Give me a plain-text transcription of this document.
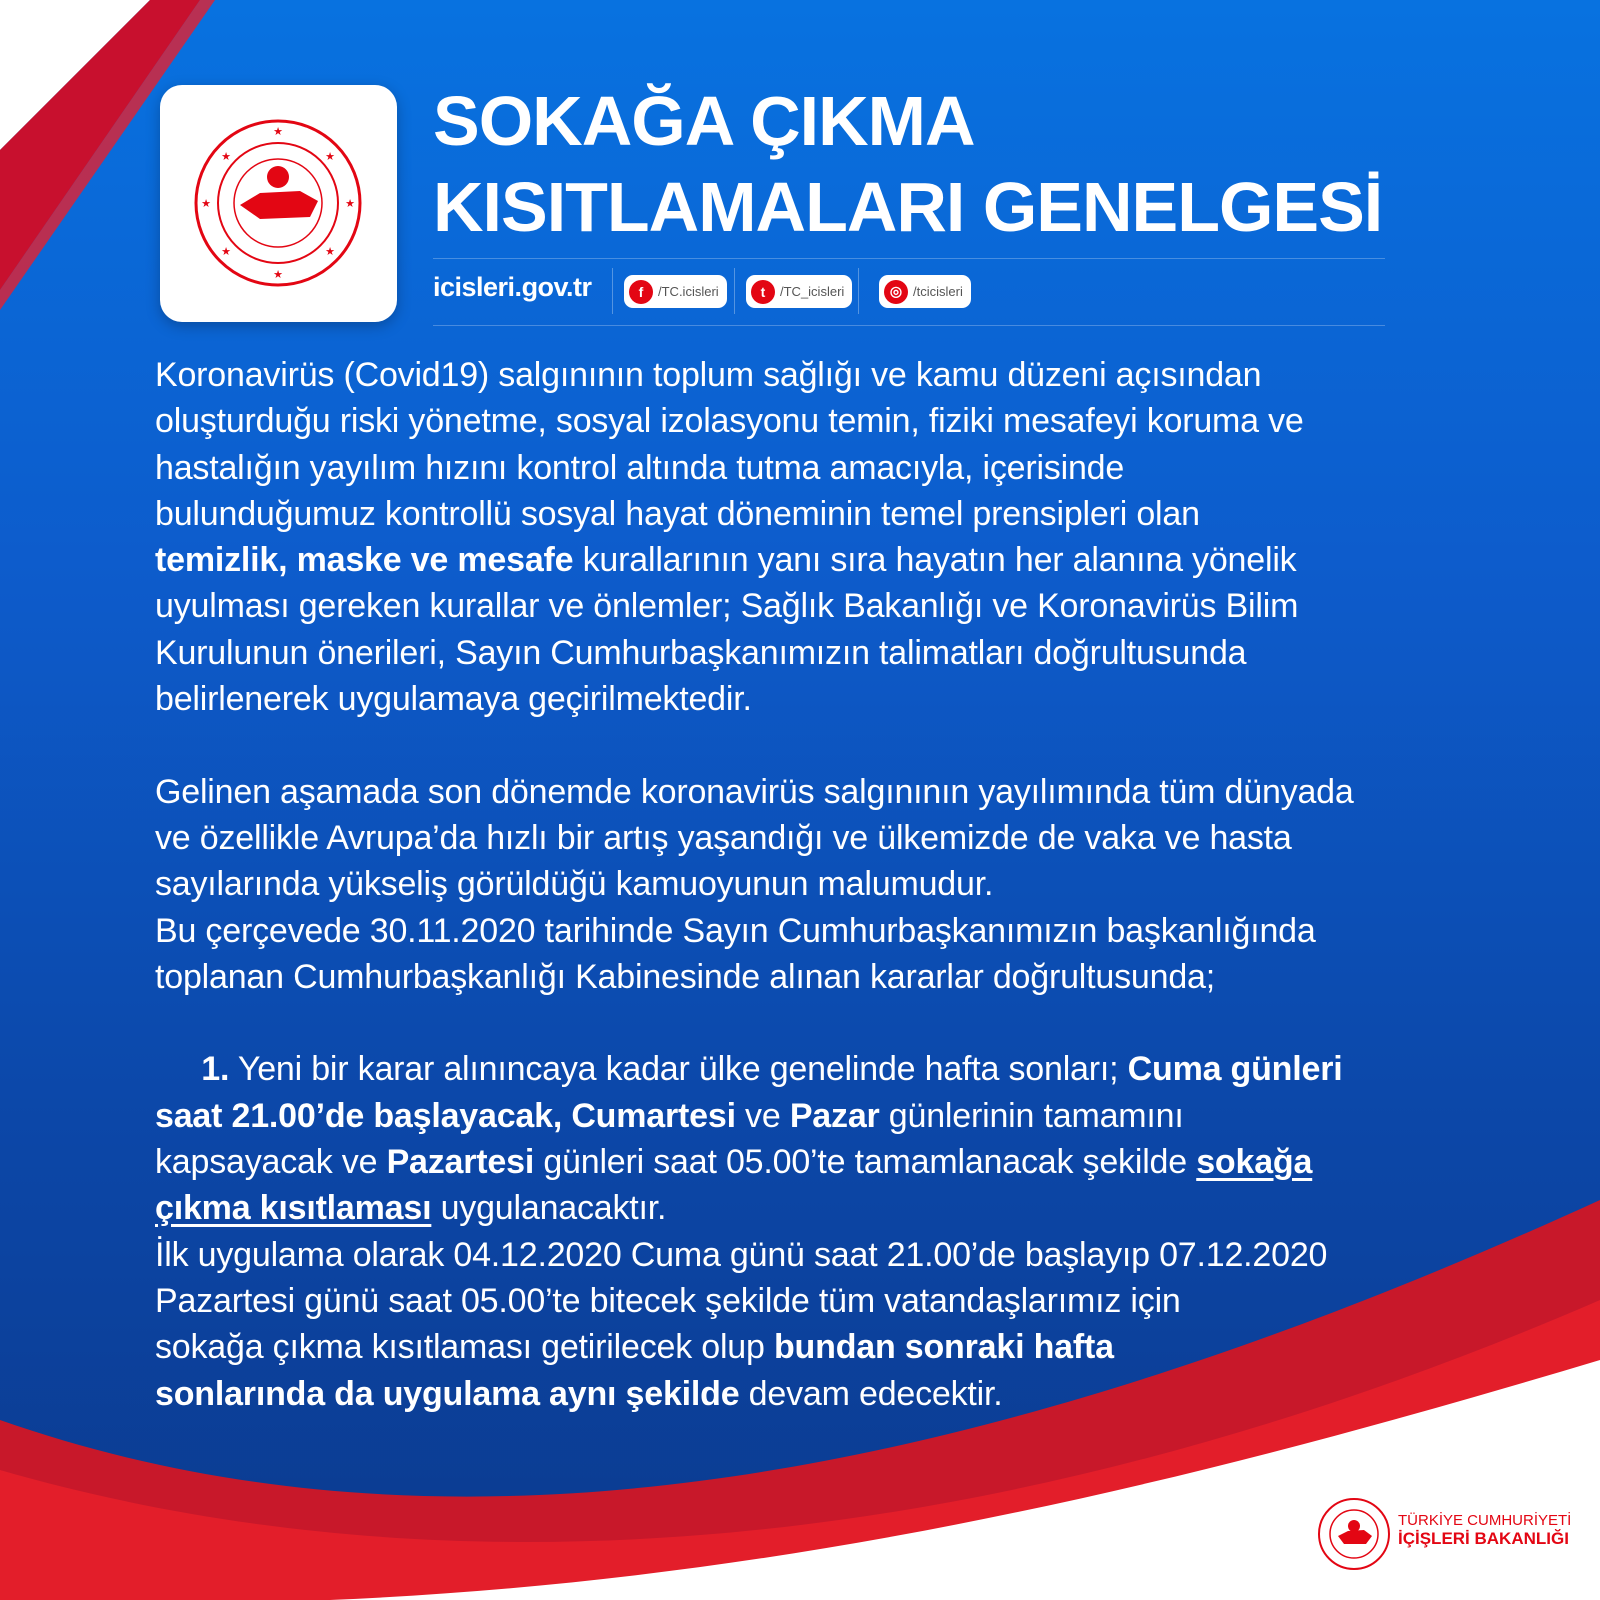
★
★
★
★
★
★
★
★	SOKAĞA ÇIKMA
KISITLAMALARI GENELGESİ
icisleri.gov.tr	f	/TC.icisleri	t	/TC_icisleri	◎ /tcicisleri
Koronavirüs (Covid19) salgınının toplum sağlığı ve kamu düzeni açısından
oluşturduğu riski yönetme, sosyal izolasyonu temin, fiziki mesafeyi koruma ve
hastalığın yayılım hızını kontrol altında tutma amacıyla, içerisinde
bulunduğumuz kontrollü sosyal hayat döneminin temel prensipleri olan
temizlik, maske ve mesafe kurallarının yanı sıra hayatın her alanına yönelik
uyulması gereken kurallar ve önlemler; Sağlık Bakanlığı ve Koronavirüs Bilim
Kurulunun önerileri, Sayın Cumhurbaşkanımızın talimatları doğrultusunda
belirlenerek uygulamaya geçirilmektedir.
Gelinen aşamada son dönemde koronavirüs salgınının yayılımında tüm dünyada
ve özellikle Avrupa’da hızlı bir artış yaşandığı ve ülkemizde de vaka ve hasta
sayılarında yükseliş görüldüğü kamuoyunun malumudur.
Bu çerçevede 30.11.2020 tarihinde Sayın Cumhurbaşkanımızın başkanlığında
toplanan Cumhurbaşkanlığı Kabinesinde alınan kararlar doğrultusunda;
1. Yeni bir karar alınıncaya kadar ülke genelinde hafta sonları; Cuma günleri
saat 21.00’de başlayacak, Cumartesi ve Pazar günlerinin tamamını
kapsayacak ve Pazartesi günleri saat 05.00’te tamamlanacak şekilde sokağa
çıkma kısıtlaması uygulanacaktır.
İlk uygulama olarak 04.12.2020 Cuma günü saat 21.00’de başlayıp 07.12.2020
Pazartesi günü saat 05.00’te bitecek şekilde tüm vatandaşlarımız için
sokağa çıkma kısıtlaması getirilecek olup bundan sonraki hafta
sonlarında da uygulama aynı şekilde devam edecektir.
TÜRKİYE CUMHURİYETİ
İÇİŞLERİ BAKANLIĞI
